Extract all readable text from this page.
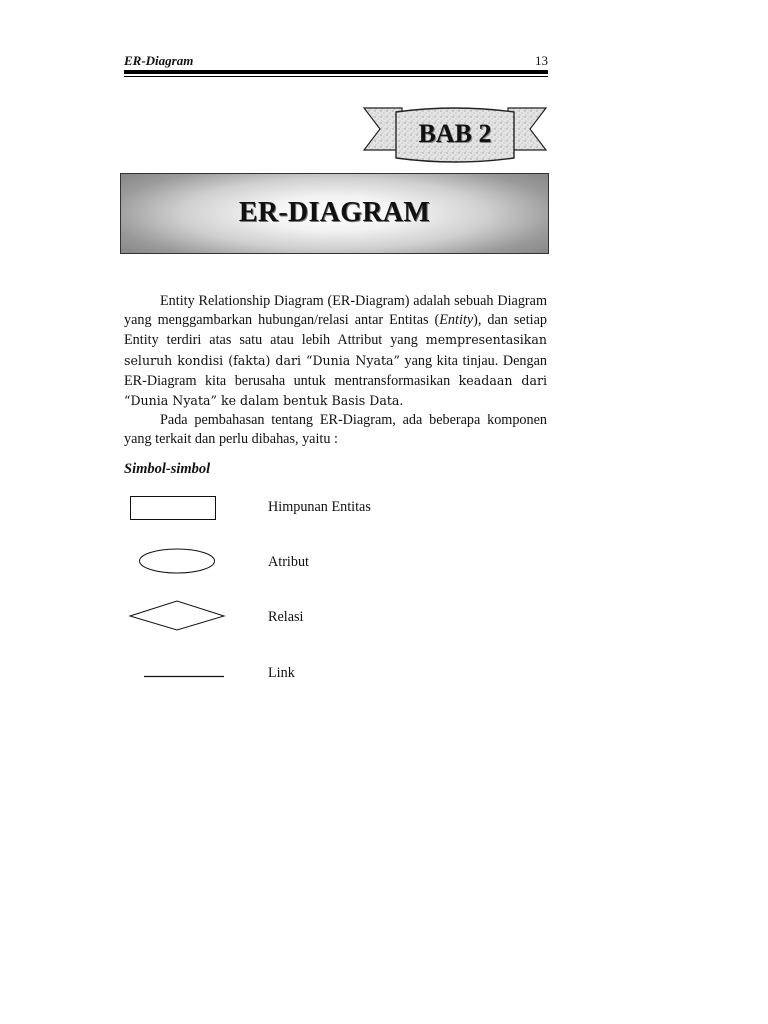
ER-Diagram	13
BAB 2
ER-DIAGRAM

Entity Relationship Diagram (ER-Diagram) adalah sebuah Diagram yang menggambarkan hubungan/relasi antar Entitas (Entity), dan setiap Entity terdiri atas satu atau lebih Attribut yang mempresentasikan seluruh kondisi (fakta) dari “Dunia Nyata” yang kita tinjau. Dengan ER-Diagram kita berusaha untuk mentransformasikan keadaan dari “Dunia Nyata” ke dalam bentuk Basis Data.

Pada pembahasan tentang ER-Diagram, ada beberapa komponen yang terkait dan perlu dibahas, yaitu :

Simbol-simbol
Himpunan Entitas
Atribut
Relasi
Link
